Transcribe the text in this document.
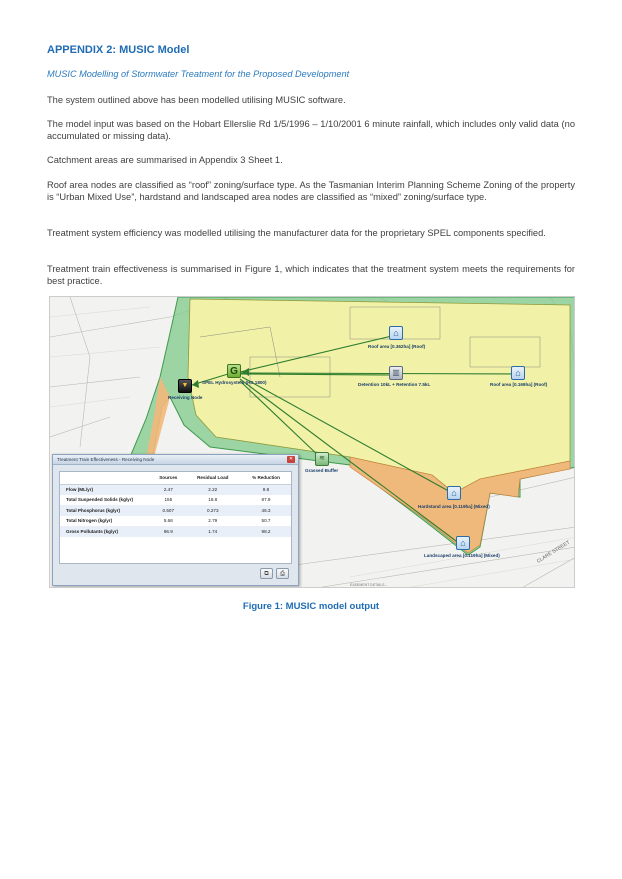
APPENDIX 2: MUSIC Model
MUSIC Modelling of Stormwater Treatment for the Proposed Development

The system outlined above has been modelled utilising MUSIC software.

The model input was based on the Hobart Ellerslie Rd 1/5/1996 – 1/10/2001 6 minute rainfall, which includes only valid data (no accumulated or missing data).

Catchment areas are summarised in Appendix 3 Sheet 1.

Roof area nodes are classified as “roof” zoning/surface type. As the Tasmanian Interim Planning Scheme Zoning of the property is “Urban Mixed Use”, hardstand and landscaped area nodes are classified as “mixed” zoning/surface type.

Treatment system efficiency was modelled utilising the manufacturer data for the proprietary SPEL components specified.

Treatment train effectiveness is summarised in Figure 1, which indicates that the treatment system meets the requirements for best practice.

CLARE STREET
EASEMENT DETAILS...
⌂
Roof area [0.362ha] (Roof)
▥
Detention 10kL + Retention 7.5kL
⌂
Roof area [0.169ha] (Roof)
G
SPEL Hydrosystem (HS.1800)
▼
Receiving Node
≋
Grassed Buffer
⌂
Hardstand area [0.119ha] (Mixed)
⌂
Landscaped area [0.119ha] (Mixed)
Treatment Train Effectiveness - Receiving Node	✕
	Sources	Residual Load	% Reduction
Flow (ML/yr)	2.47	2.22	9.8
Total Suspended Solids (kg/yr)	155	18.8	87.9
Total Phosphorus (kg/yr)	0.507	0.273	46.3
Total Nitrogen (kg/yr)	5.66	2.79	50.7
Gross Pollutants (kg/yr)	96.9	1.74	98.2
⧉	⎙
Figure 1: MUSIC model output
